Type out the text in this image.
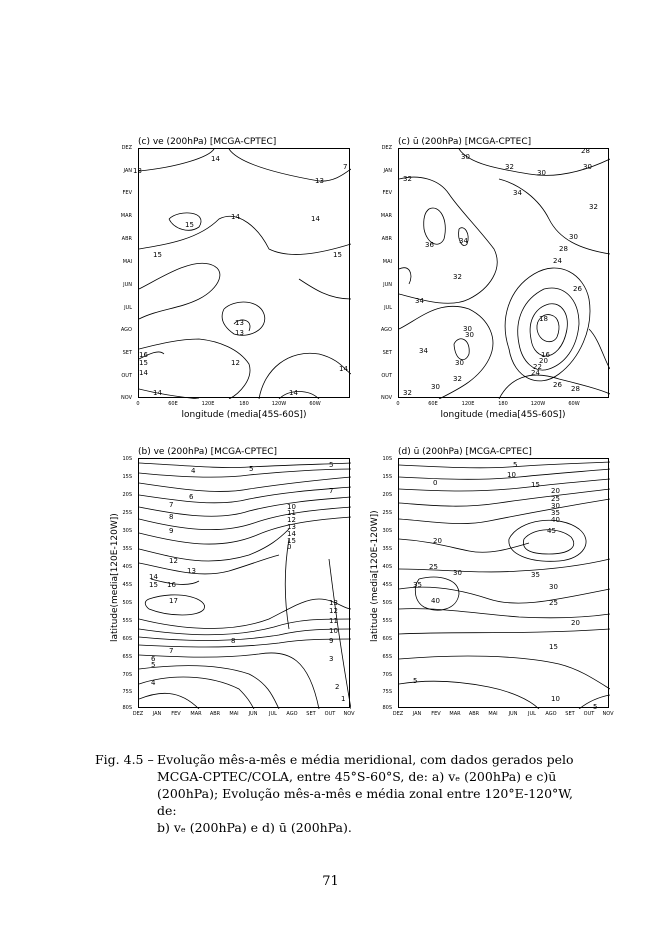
(c) ve (200hPa) [MCGA-CPTEC]
14
13	7
13
14
15
14
15	15
13
13
16
15
14
12
14
14	14
DEZ
JAN
FEV
MAR
ABR
MAI
JUN
JUL
AGO
SET
OUT
NOV
0	60E	120E	180	120W	60W
longitude (media[45S-60S])
(c) ū (200hPa) [MCGA-CPTEC]
30
32
30
28
32
30
34
32
36	34	30
28
24
32
34
26
18
30
16
20
22
24
34
30
32
30	26 28
32
30
DEZ
JAN
FEV
MAR
ABR
MAI
JUN
JUL
AGO
SET
OUT
NOV
0	60E	120E	180	120W	60W
longitude (media[45S-60S])
(b) ve (200hPa) [MCGA-CPTEC]
4	5	5
6
7
8
7
9
10
11
12
13
14
15
12
13
14
15 16
17	13
12
11
10
9
8
7
6
5
4
3
2
1
0
latitude(media[120E-120W])
10S
15S
20S
25S
30S
35S
40S
45S
50S
55S
60S
65S
70S
75S
80S
DEZ JAN FEV MAR ABR MAI JUN JUL AGO SET OUT NOV
(d) ū (200hPa) [MCGA-CPTEC]
5
10
0	15
20
25
30
35
40
45
20
25
30
35
40
35
30
25
20
15
5
10
5
latitude (media[120E-120W])
10S
15S
20S
25S
30S
35S
40S
45S
50S
55S
60S
65S
70S
75S
80S
DEZ JAN FEV MAR ABR MAI JUN JUL AGO SET OUT NOV
Fig. 4.5 – Evolução mês-a-mês e média meridional, com dados gerados pelo
MCGA-CPTEC/COLA, entre 45°S-60°S, de: a) vₑ (200hPa) e c)ū
(200hPa); Evolução mês-a-mês e média zonal entre 120°E-120°W, de:
b) vₑ (200hPa) e d) ū (200hPa).
71
